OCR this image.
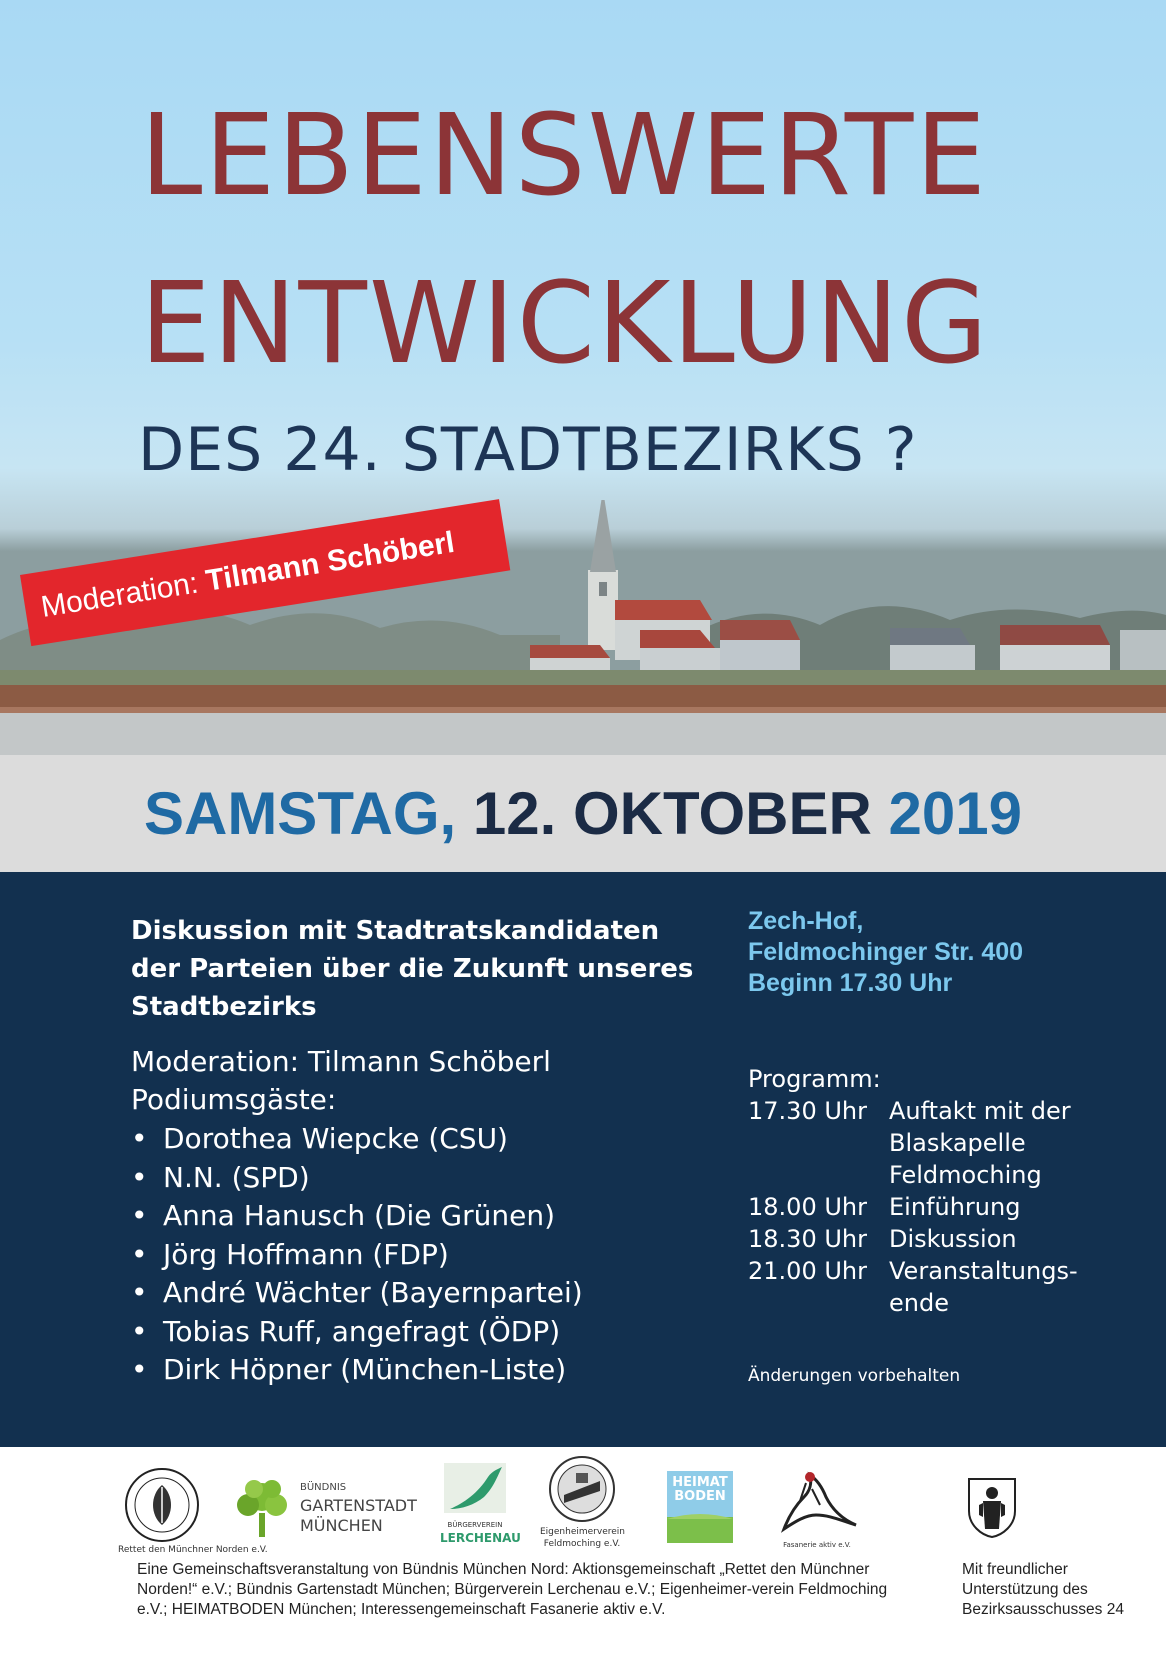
LEBENSWERTE
ENTWICKLUNG
DES 24. STADTBEZIRKS ?
Moderation: Tilmann Schöberl
SAMSTAG, 12. OKTOBER 2019
Diskussion mit Stadtratskandidaten der Parteien über die Zukunft unseres Stadtbezirks
Moderation: Tilmann Schöberl
Podiumsgäste:
• Dorothea Wiepcke (CSU)
• N.N. (SPD)
• Anna Hanusch (Die Grünen)
• Jörg Hoffmann (FDP)
• André Wächter (Bayernpartei)
• Tobias Ruff, angefragt (ÖDP)
• Dirk Höpner (München-Liste)
Zech-Hof,
Feldmochinger Str. 400
Beginn 17.30 Uhr
Programm:
17.30 Uhr Auftakt mit der Blaskapelle Feldmoching
18.00 Uhr Einführung
18.30 Uhr Diskussion
21.00 Uhr Veranstaltungs-ende
Änderungen vorbehalten
Rettet den Münchner Norden e.V.
BÜNDNIS
GARTENSTADT
MÜNCHEN	BÜRGERVEREIN
LERCHENAU Eigenheimerverein
Feldmoching e.V.
HEIMAT
BODEN
Fasanerie aktiv e.V.
Eine Gemeinschaftsveranstaltung von Bündnis München Nord: Aktionsgemeinschaft „Rettet den Münchner Norden!“ e.V.; Bündnis Gartenstadt München; Bürgerverein Lerchenau e.V.; Eigenheimer-verein Feldmoching e.V.; HEIMATBODEN München; Interessengemeinschaft Fasanerie aktiv e.V.
Mit freundlicher Unterstützung des Bezirksausschusses 24
